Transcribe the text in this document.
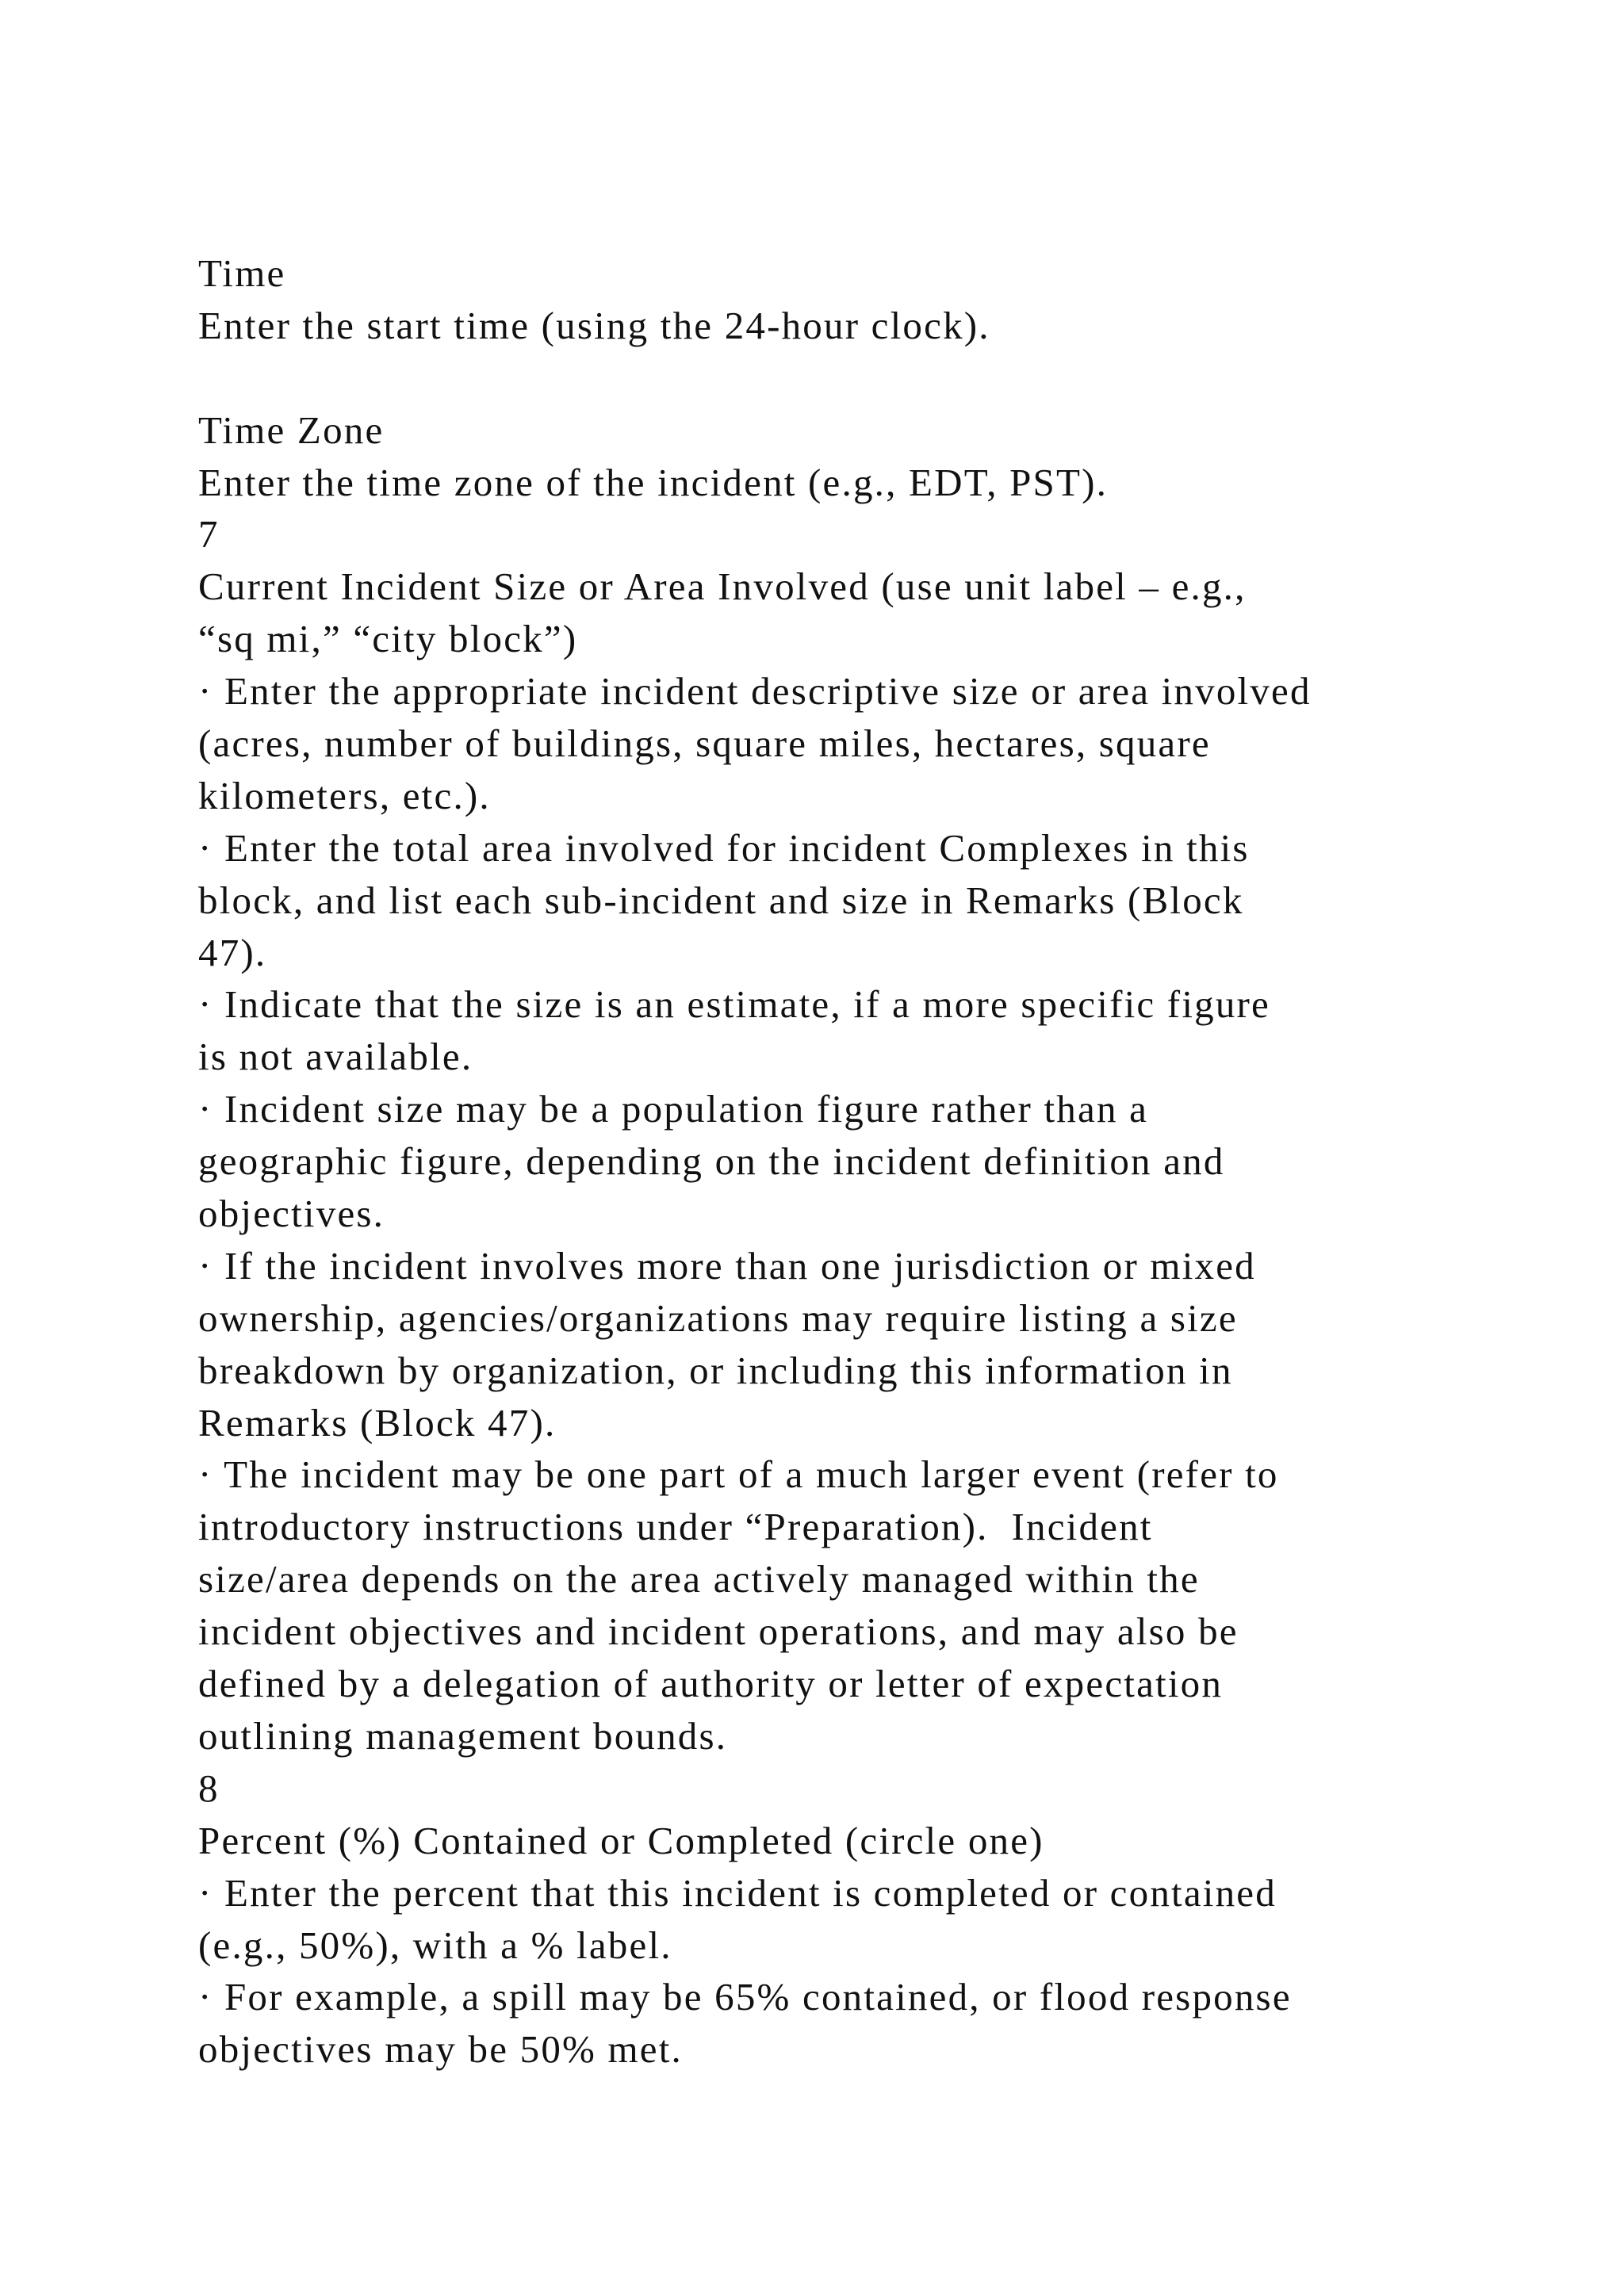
Time
Enter the start time (using the 24-hour clock).
Time Zone
Enter the time zone of the incident (e.g., EDT, PST).
7
Current Incident Size or Area Involved (use unit label – e.g.,
“sq mi,” “city block”)
· Enter the appropriate incident descriptive size or area involved
(acres, number of buildings, square miles, hectares, square
kilometers, etc.).
· Enter the total area involved for incident Complexes in this
block, and list each sub-incident and size in Remarks (Block
47).
· Indicate that the size is an estimate, if a more specific figure
is not available.
· Incident size may be a population figure rather than a
geographic figure, depending on the incident definition and
objectives.
· If the incident involves more than one jurisdiction or mixed
ownership, agencies/organizations may require listing a size
breakdown by organization, or including this information in
Remarks (Block 47).
· The incident may be one part of a much larger event (refer to
introductory instructions under “Preparation).  Incident
size/area depends on the area actively managed within the
incident objectives and incident operations, and may also be
defined by a delegation of authority or letter of expectation
outlining management bounds.
8
Percent (%) Contained or Completed (circle one)
· Enter the percent that this incident is completed or contained
(e.g., 50%), with a % label.
· For example, a spill may be 65% contained, or flood response
objectives may be 50% met.
